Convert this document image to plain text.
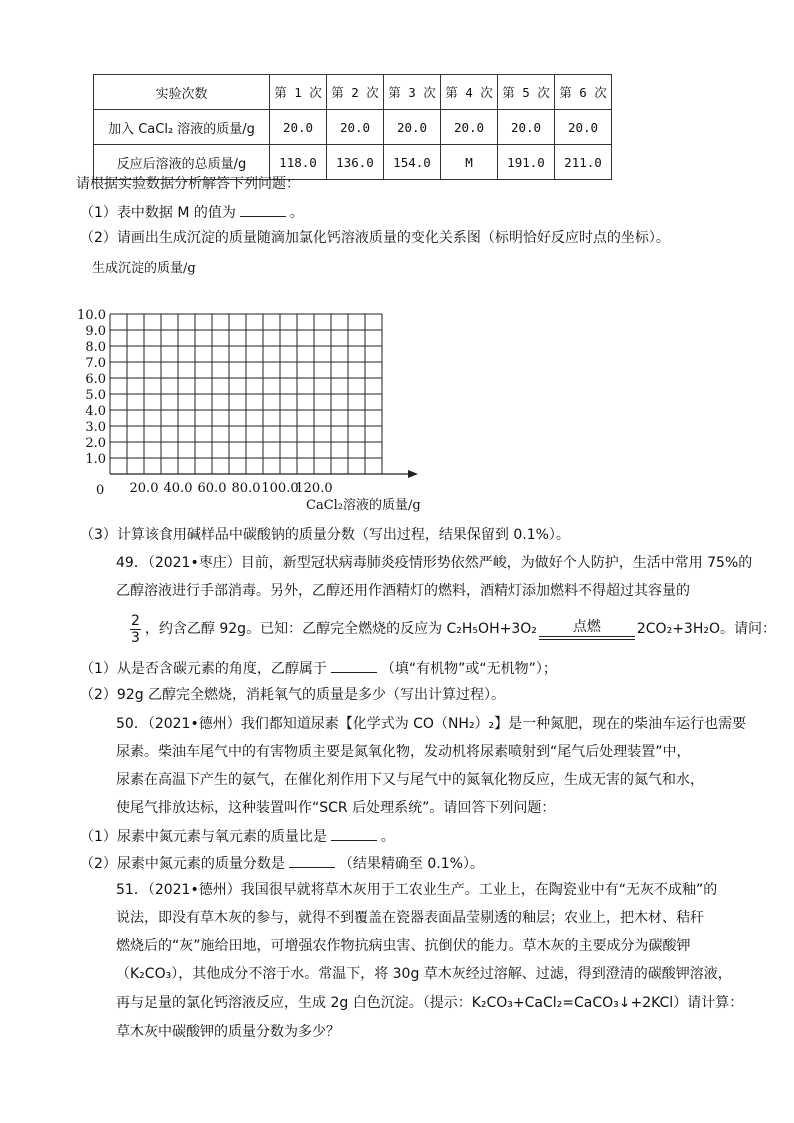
实验次数	第 1 次	第 2 次	第 3 次	第 4 次	第 5 次	第 6 次
加入 CaCl₂ 溶液的质量/g	20.0	20.0	20.0	20.0	20.0	20.0
反应后溶液的总质量/g	118.0	136.0	154.0	M	191.0	211.0
请根据实验数据分析解答下列问题：
（1）表中数据 M 的值为	。
（2）请画出生成沉淀的质量随滴加氯化钙溶液质量的变化关系图（标明恰好反应时点的坐标）。
生成沉淀的质量/g
10.0
9.0
8.0
7.0
6.0
5.0
4.0
3.0
2.0
1.0
20.0 40.0 60.0 80.0 100.0
120.0
0
CaCl₂溶液的质量/g
（3）计算该食用碱样品中碳酸钠的质量分数（写出过程，结果保留到 0.1%）。
49．（2021•枣庄）目前，新型冠状病毒肺炎疫情形势依然严峻，为做好个人防护，生活中常用 75%的
乙醇溶液进行手部消毒。另外，乙醇还用作酒精灯的燃料，酒精灯添加燃料不得超过其容量的
$\frac{2}{3}$ ，约含乙醇 92g。已知：乙醇完全燃烧的反应为 C₂H₅OH+3O₂	点燃	2CO₂+3H₂O。请问：
（1）从是否含碳元素的角度，乙醇属于	（填“有机物”或“无机物”）；
（2）92g 乙醇完全燃烧，消耗氧气的质量是多少（写出计算过程）。
50．（2021•德州）我们都知道尿素【化学式为 CO（NH₂）₂】是一种氮肥，现在的柴油车运行也需要
尿素。柴油车尾气中的有害物质主要是氮氧化物，发动机将尿素喷射到“尾气后处理装置”中，
尿素在高温下产生的氨气，在催化剂作用下又与尾气中的氮氧化物反应，生成无害的氮气和水，
使尾气排放达标，这种装置叫作“SCR 后处理系统”。请回答下列问题：
（1）尿素中氮元素与氧元素的质量比是	。
（2）尿素中氮元素的质量分数是	（结果精确至 0.1%）。
51．（2021•德州）我国很早就将草木灰用于工农业生产。工业上，在陶瓷业中有“无灰不成釉”的
说法，即没有草木灰的参与，就得不到覆盖在瓷器表面晶莹剔透的釉层；农业上，把木材、秸秆
燃烧后的“灰”施给田地，可增强农作物抗病虫害、抗倒伏的能力。草木灰的主要成分为碳酸钾
（K₂CO₃），其他成分不溶于水。常温下，将 30g 草木灰经过溶解、过滤，得到澄清的碳酸钾溶液，
再与足量的氯化钙溶液反应，生成 2g 白色沉淀。（提示：K₂CO₃+CaCl₂=CaCO₃↓+2KCl）请计算：
草木灰中碳酸钾的质量分数为多少？
